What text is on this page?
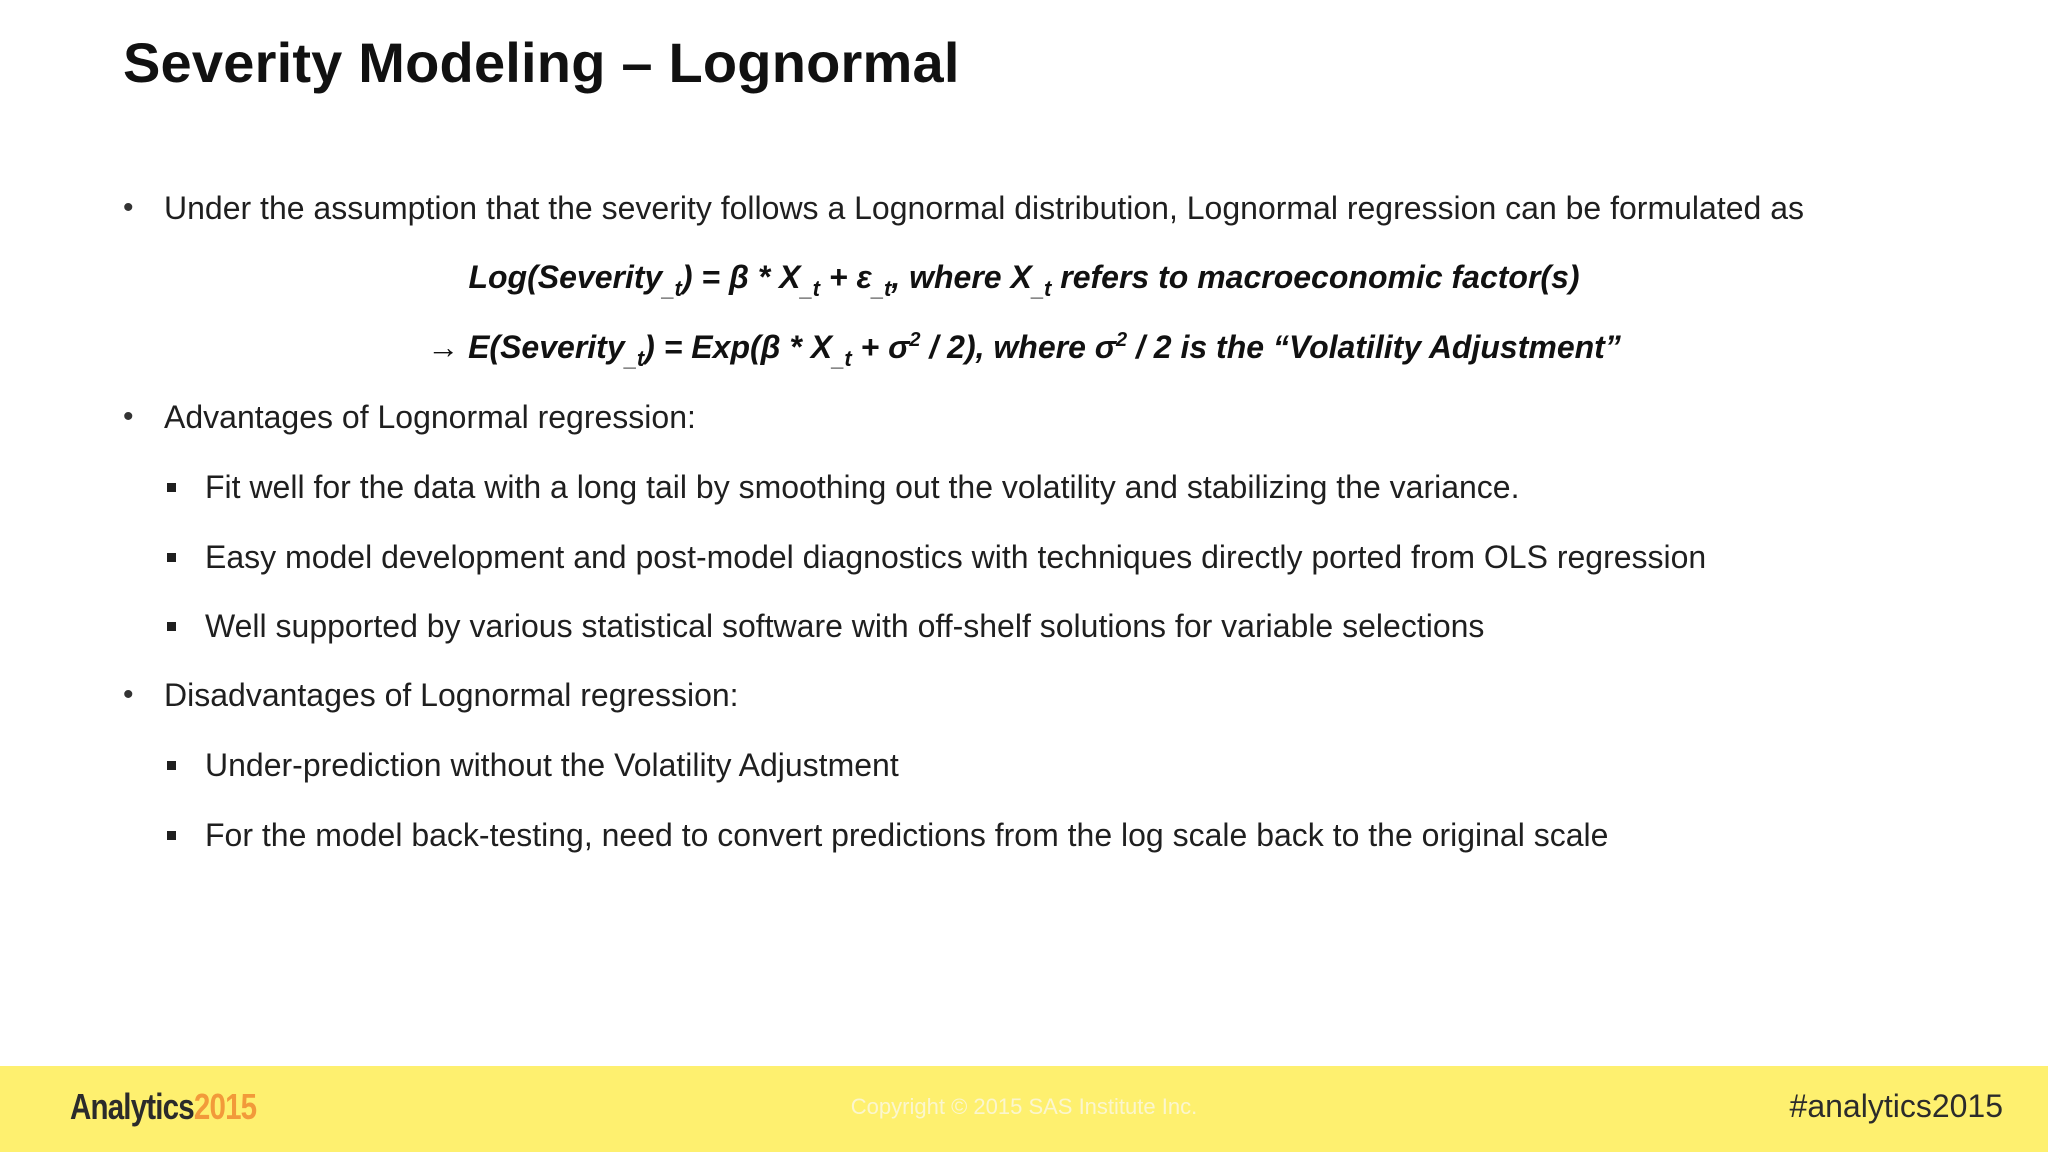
Severity Modeling – Lognormal
• Under the assumption that the severity follows a Lognormal distribution, Lognormal regression can be formulated as
Log(Severity$_{\_t}$) = $\beta * X_{\_t} + \varepsilon_{\_t}$, where $X_{\_t}$ refers to macroeconomic factor(s)
→ E(Severity$_{\_t}$) = $Exp(\beta * X_{\_t} + \sigma^2 / 2)$, where $\sigma^2 / 2$ is the “Volatility Adjustment”
• Advantages of Lognormal regression:
Fit well for the data with a long tail by smoothing out the volatility and stabilizing the variance.
Easy model development and post-model diagnostics with techniques directly ported from OLS regression
Well supported by various statistical software with off-shelf solutions for variable selections
• Disadvantages of Lognormal regression:
Under-prediction without the Volatility Adjustment
For the model back-testing, need to convert predictions from the log scale back to the original scale
Analytics2015	Copyright © 2015 SAS Institute Inc.	#analytics2015
